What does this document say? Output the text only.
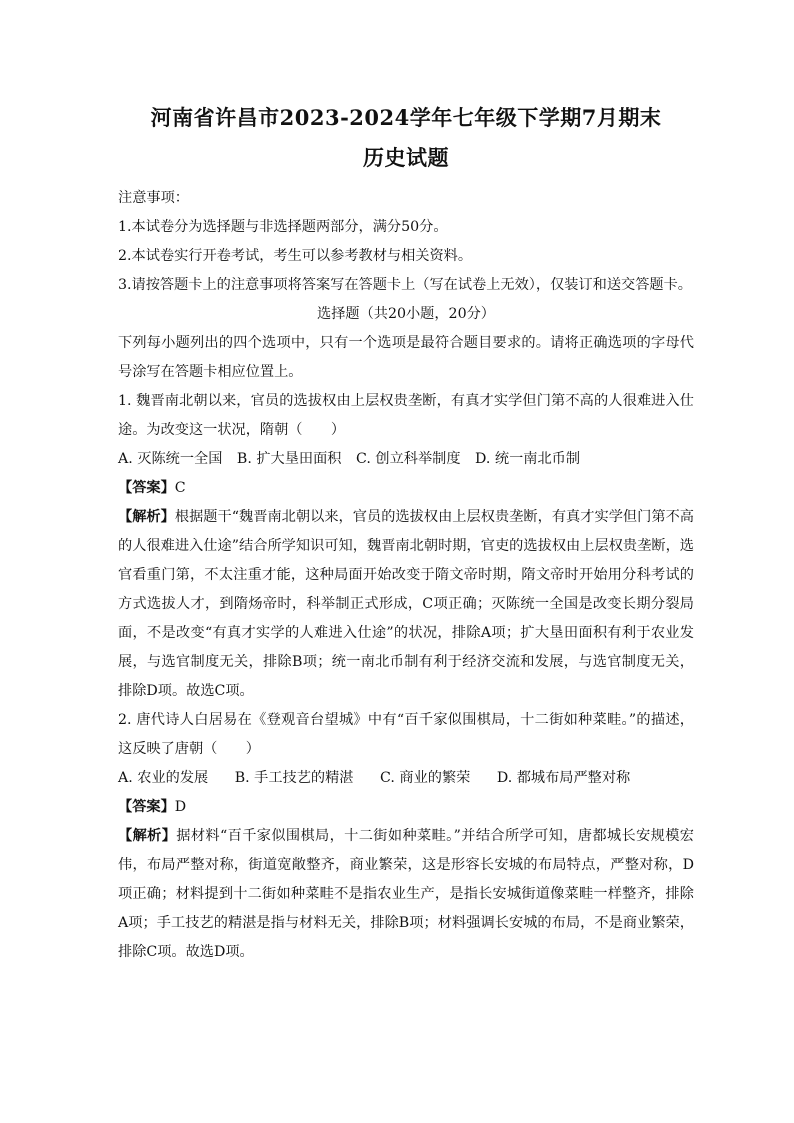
河南省许昌市2023-2024学年七年级下学期7月期末
历史试题

注意事项：

1.本试卷分为选择题与非选择题两部分，满分50分。

2.本试卷实行开卷考试，考生可以参考教材与相关资料。

3.请按答题卡上的注意事项将答案写在答题卡上（写在试卷上无效），仅装订和送交答题卡。

选择题（共20小题，20分）

下列每小题列出的四个选项中，只有一个选项是最符合题目要求的。请将正确选项的字母代号涂写在答题卡相应位置上。

1. 魏晋南北朝以来，官员的选拔权由上层权贵垄断，有真才实学但门第不高的人很难进入仕途。为改变这一状况，隋朝（　　）

A. 灭陈统一全国 B. 扩大垦田面积 C. 创立科举制度 D. 统一南北币制

【答案】C

【解析】根据题干“魏晋南北朝以来，官员的选拔权由上层权贵垄断，有真才实学但门第不高的人很难进入仕途”结合所学知识可知，魏晋南北朝时期，官吏的选拔权由上层权贵垄断，选官看重门第，不太注重才能，这种局面开始改变于隋文帝时期，隋文帝时开始用分科考试的方式选拔人才，到隋炀帝时，科举制正式形成，C项正确；灭陈统一全国是改变长期分裂局面，不是改变“有真才实学的人难进入仕途”的状况，排除A项；扩大垦田面积有利于农业发展，与选官制度无关，排除B项；统一南北币制有利于经济交流和发展，与选官制度无关，排除D项。故选C项。

2. 唐代诗人白居易在《登观音台望城》中有“百千家似围棋局，十二街如种菜畦。”的描述，这反映了唐朝（　　）

A. 农业的发展 B. 手工技艺的精湛 C. 商业的繁荣 D. 都城布局严整对称

【答案】D

【解析】据材料“百千家似围棋局，十二街如种菜畦。”并结合所学可知，唐都城长安规模宏伟，布局严整对称，街道宽敞整齐，商业繁荣，这是形容长安城的布局特点，严整对称，D项正确；材料提到十二街如种菜畦不是指农业生产，是指长安城街道像菜畦一样整齐，排除A项；手工技艺的精湛是指与材料无关，排除B项；材料强调长安城的布局，不是商业繁荣，排除C项。故选D项。
